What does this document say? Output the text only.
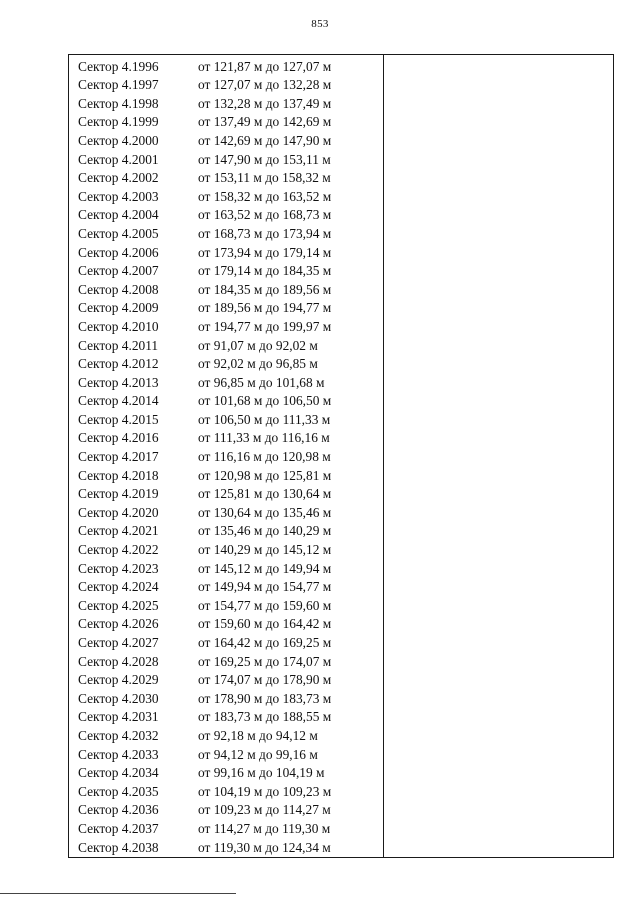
853
Сектор 4.1996	от 121,87 м до 127,07 м
Сектор 4.1997	от 127,07 м до 132,28 м
Сектор 4.1998	от 132,28 м до 137,49 м
Сектор 4.1999	от 137,49 м до 142,69 м
Сектор 4.2000	от 142,69 м до 147,90 м
Сектор 4.2001	от 147,90 м до 153,11 м
Сектор 4.2002	от 153,11 м до 158,32 м
Сектор 4.2003	от 158,32 м до 163,52 м
Сектор 4.2004	от 163,52 м до 168,73 м
Сектор 4.2005	от 168,73 м до 173,94 м
Сектор 4.2006	от 173,94 м до 179,14 м
Сектор 4.2007	от 179,14 м до 184,35 м
Сектор 4.2008	от 184,35 м до 189,56 м
Сектор 4.2009	от 189,56 м до 194,77 м
Сектор 4.2010	от 194,77 м до 199,97 м
Сектор 4.2011	от 91,07 м до 92,02 м
Сектор 4.2012	от 92,02 м до 96,85 м
Сектор 4.2013	от 96,85 м до 101,68 м
Сектор 4.2014	от 101,68 м до 106,50 м
Сектор 4.2015	от 106,50 м до 111,33 м
Сектор 4.2016	от 111,33 м до 116,16 м
Сектор 4.2017	от 116,16 м до 120,98 м
Сектор 4.2018	от 120,98 м до 125,81 м
Сектор 4.2019	от 125,81 м до 130,64 м
Сектор 4.2020	от 130,64 м до 135,46 м
Сектор 4.2021	от 135,46 м до 140,29 м
Сектор 4.2022	от 140,29 м до 145,12 м
Сектор 4.2023	от 145,12 м до 149,94 м
Сектор 4.2024	от 149,94 м до 154,77 м
Сектор 4.2025	от 154,77 м до 159,60 м
Сектор 4.2026	от 159,60 м до 164,42 м
Сектор 4.2027	от 164,42 м до 169,25 м
Сектор 4.2028	от 169,25 м до 174,07 м
Сектор 4.2029	от 174,07 м до 178,90 м
Сектор 4.2030	от 178,90 м до 183,73 м
Сектор 4.2031	от 183,73 м до 188,55 м
Сектор 4.2032	от 92,18 м до 94,12 м
Сектор 4.2033	от 94,12 м до 99,16 м
Сектор 4.2034	от 99,16 м до 104,19 м
Сектор 4.2035	от 104,19 м до 109,23 м
Сектор 4.2036	от 109,23 м до 114,27 м
Сектор 4.2037	от 114,27 м до 119,30 м
Сектор 4.2038	от 119,30 м до 124,34 м
